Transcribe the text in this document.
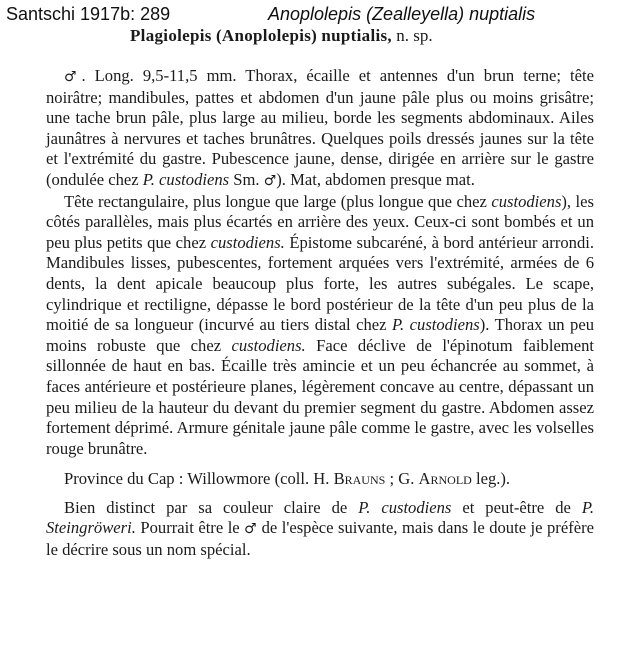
Santschi 1917b: 289	Anoplolepis (Zealleyella) nuptialis
Plagiolepis (Anoplolepis) nuptialis, n. sp.

♂. Long. 9,5-11,5 mm. Thorax, écaille et antennes d'un brun terne; tête noirâtre; mandibules, pattes et abdomen d'un jaune pâle plus ou moins grisâtre; une tache brun pâle, plus large au milieu, borde les segments abdominaux. Ailes jaunâtres à nervures et taches brunâtres. Quelques poils dressés jaunes sur la tête et l'extrémité du gastre. Pubescence jaune, dense, dirigée en arrière sur le gastre (ondulée chez P. custodiens Sm. ♂). Mat, abdomen presque mat.

Tête rectangulaire, plus longue que large (plus longue que chez custodiens), les côtés parallèles, mais plus écartés en arrière des yeux. Ceux-ci sont bombés et un peu plus petits que chez custodiens. Épistome subcaréné, à bord antérieur arrondi. Mandibules lisses, pubescentes, fortement arquées vers l'extrémité, armées de 6 dents, la dent apicale beaucoup plus forte, les autres subégales. Le scape, cylindrique et rectiligne, dépasse le bord postérieur de la tête d'un peu plus de la moitié de sa longueur (incurvé au tiers distal chez P. custodiens). Thorax un peu moins robuste que chez custodiens. Face déclive de l'épinotum faiblement sillonnée de haut en bas. Écaille très amincie et un peu échancrée au sommet, à faces antérieure et postérieure planes, légèrement concave au centre, dépassant un peu milieu de la hauteur du devant du premier segment du gastre. Abdomen assez fortement déprimé. Armure génitale jaune pâle comme le gastre, avec les volselles rouge brunâtre.

Province du Cap : Willowmore (coll. H. Brauns ; G. Arnold leg.).

Bien distinct par sa couleur claire de P. custodiens et peut-être de P. Steingröweri. Pourrait être le ♂ de l'espèce suivante, mais dans le doute je préfère le décrire sous un nom spécial.
